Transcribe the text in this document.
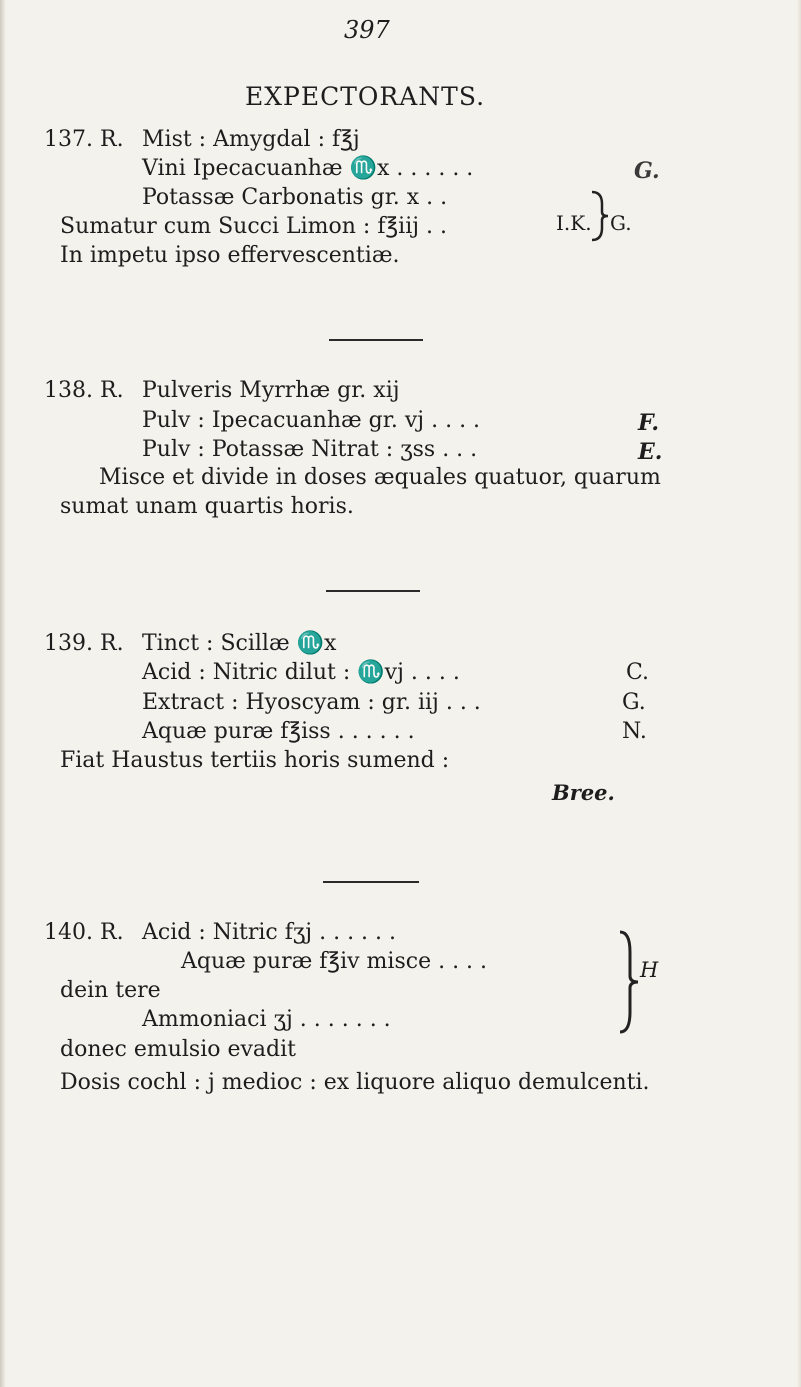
397
EXPECTORANTS.
137. R. Mist : Amygdal : f℥j
Vini Ipecacuanhæ ♏x . . . . . .	G.
Potassæ Carbonatis gr. x . .
Sumatur cum Succi Limon : f℥iij . .
In impetu ipso effervescentiæ.
I.K. G.
138. R. Pulveris Myrrhæ gr. xij
Pulv : Ipecacuanhæ gr. vj . . . .	F.
Pulv : Potassæ Nitrat : ʒss . . .	E.
Misce et divide in doses æquales quatuor, quarum
sumat unam quartis horis.
139. R. Tinct : Scillæ ♏x
Acid : Nitric dilut : ♏vj . . . .	C.
Extract : Hyoscyam : gr. iij . . .	G.
Aquæ puræ f℥iss . . . . . .	N.
Fiat Haustus tertiis horis sumend :
Bree.
140. R. Acid : Nitric fʒj . . . . . .
Aquæ puræ f℥iv misce . . . .
dein tere
Ammoniaci ʒj . . . . . . .
donec emulsio evadit
Dosis cochl : j medioc : ex liquore aliquo demulcenti.
H
